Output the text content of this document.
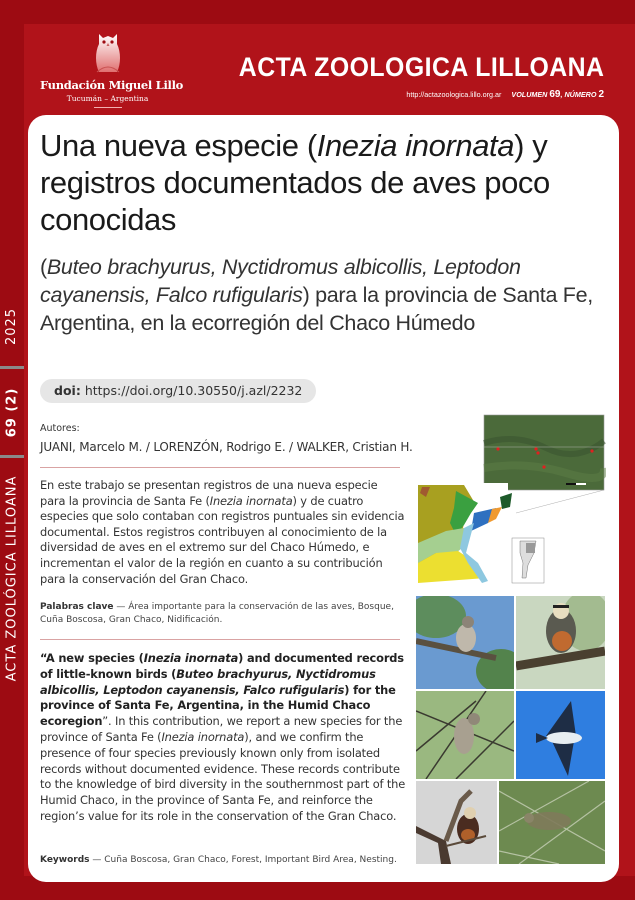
Fundación Miguel Lillo
Tucumán – Argentina
ACTA ZOOLOGICA LILLOANA
http://actazoologica.lillo.org.ar VOLUMEN 69, NÚMERO 2
2025
69 (2)
ACTA ZOOLÓGICA LILLOANA
Una nueva especie (Inezia inornata) y registros documentados de aves poco conocidas
(Buteo brachyurus, Nyctidromus albicollis, Leptodon cayanensis, Falco rufigularis) para la provincia de Santa Fe, Argentina, en la ecorregión del Chaco Húmedo
doi: https://doi.org/10.30550/j.azl/2232
Autores:
JUANI, Marcelo M. / LORENZÓN, Rodrigo E. / WALKER, Cristian H.
En este trabajo se presentan registros de una nueva especie para la provincia de Santa Fe (Inezia inornata) y de cuatro especies que solo contaban con registros puntuales sin evidencia documental. Estos registros contribuyen al conocimiento de la diversidad de aves en el extremo sur del Chaco Húmedo, e incrementan el valor de la región en cuanto a su contribución para la conservación del Gran Chaco.
Palabras clave — Área importante para la conservación de las aves, Bosque, Cuña Boscosa, Gran Chaco, Nidificación.
“A new species (Inezia inornata) and documented records of little-known birds (Buteo brachyurus, Nyctidromus albicollis, Leptodon cayanensis, Falco rufigularis) for the province of Santa Fe, Argentina, in the Humid Chaco ecoregion”. In this contribution, we report a new species for the province of Santa Fe (Inezia inornata), and we confirm the presence of four species previously known only from isolated records without documented evidence. These records contribute to the knowledge of bird diversity in the southernmost part of the Humid Chaco, in the province of Santa Fe, and reinforce the region’s value for its role in the conservation of the Gran Chaco.
Keywords — Cuña Boscosa, Gran Chaco, Forest, Important Bird Area, Nesting.
